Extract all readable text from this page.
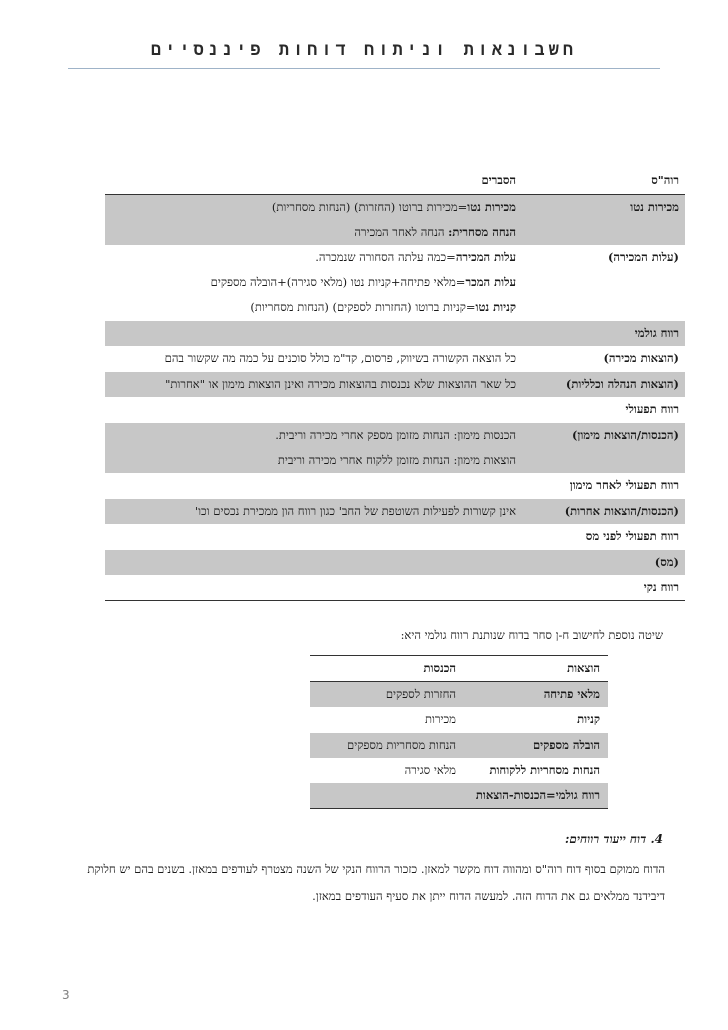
חשבונאות וניתוח דוחות פיננסיים
רוה"ס	הסברים
מכירות נטו	מכירות נטו=מכירות ברוטו (החזרות) (הנחות מסחריות)
הנחה מסחרית: הנחה לאחר המכירה

(עלות המכירה)	עלות המכירה=כמה עלתה הסחורה שנמכרה.
עלות המכר=מלאי פתיחה+קניות נטו (מלאי סגירה)+הובלה מספקים
קניות נטו=קניות ברוטו (החזרות לספקים) (הנחות מסחריות)

רווח גולמי	
(הוצאות מכירה)	כל הוצאה הקשורה בשיווק, פרסום, קד"מ כולל סוכנים על כמה מה שקשור בהם

(הוצאות הנהלה וכלליות)	כל שאר ההוצאות שלא נכנסות בהוצאות מכירה ואינן הוצאות מימון או "אחרות"

רווח תפעולי	
(הכנסות/הוצאות מימון)	הכנסות מימון: הנחות מזומן מספק אחרי מכירה וריבית.
הוצאות מימון: הנחות מזומן ללקוח אחרי מכירה וריבית

רווח תפעולי לאחר מימון	
(הכנסות/הוצאות אחרות)	אינן קשורות לפעילות השוטפת של החב' כגון רווח הון ממכירת נכסים וכו'

רווח תפעולי לפני מס	
(מס)	
רווח נקי	
שיטה נוספת לחישוב ח-ן סחר בדוח שנותנת רווח גולמי היא:
הוצאות	הכנסות
מלאי פתיחה	החזרות לספקים
קניות	מכירות
הובלה מספקים	הנחות מסחריות מספקים
הנחות מסחריות ללקוחות	מלאי סגירה
רווח גולמי=הכנסות-הוצאות	
4. דוח ייעוד רווחים:
הדוח ממוקם בסוף דוח רוה"ס ומהווה דוח מקשר למאזן. כזכור הרווח הנקי של השנה מצטרף לעודפים במאזן. בשנים בהם יש חלוקת דיבידנד ממלאים גם את הדוח הזה. למעשה הדוח ייתן את סעיף העודפים במאזן.
3
